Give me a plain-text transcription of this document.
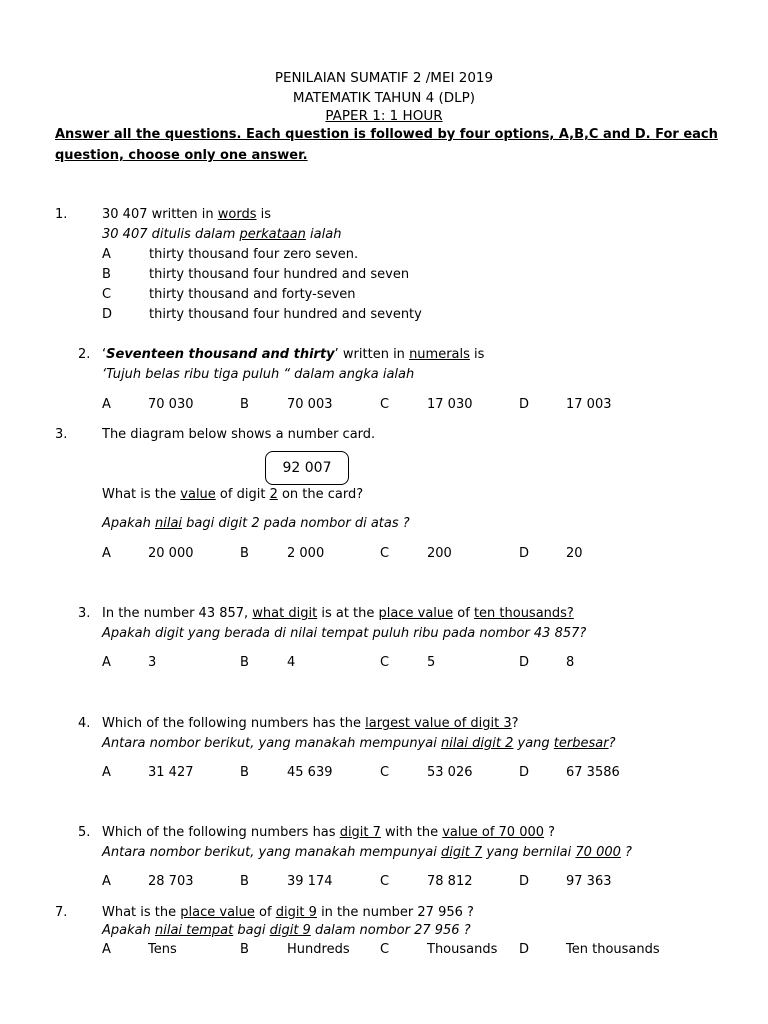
PENILAIAN SUMATIF 2 /MEI 2019
MATEMATIK TAHUN 4 (DLP)
PAPER 1: 1 HOUR
Answer all the questions. Each question is followed by four options, A,B,C and D. For each
question, choose only one answer.
1.	30 407 written in words is
30 407 ditulis dalam perkataan ialah
A	thirty thousand four zero seven.
B	thirty thousand four hundred and seven
C	thirty thousand and forty-seven
D	thirty thousand four hundred and seventy
2. ‘Seventeen thousand and thirty’ written in numerals is
‘Tujuh belas ribu tiga puluh “ dalam angka ialah
A	70 030	B	70 003	C	17 030	D	17 003
3.	The diagram below shows a number card.
92 007
What is the value of digit 2 on the card?
Apakah nilai bagi digit 2 pada nombor di atas ?
A	20 000	B	2 000	C	200	D	20
3. In the number 43 857, what digit is at the place value of ten thousands?
Apakah digit yang berada di nilai tempat puluh ribu pada nombor 43 857?
A	3	B	4	C	5	D	8
4. Which of the following numbers has the largest value of digit 3?
Antara nombor berikut, yang manakah mempunyai nilai digit 2 yang terbesar?
A	31 427	B	45 639	C	53 026	D	67 3586
5. Which of the following numbers has digit 7 with the value of 70 000 ?
Antara nombor berikut, yang manakah mempunyai digit 7 yang bernilai 70 000 ?
A	28 703	B	39 174	C	78 812	D	97 363
7.	What is the place value of digit 9 in the number 27 956 ?
Apakah nilai tempat bagi digit 9 dalam nombor 27 956 ?
A	Tens	B	Hundreds C	Thousands D	Ten thousands
